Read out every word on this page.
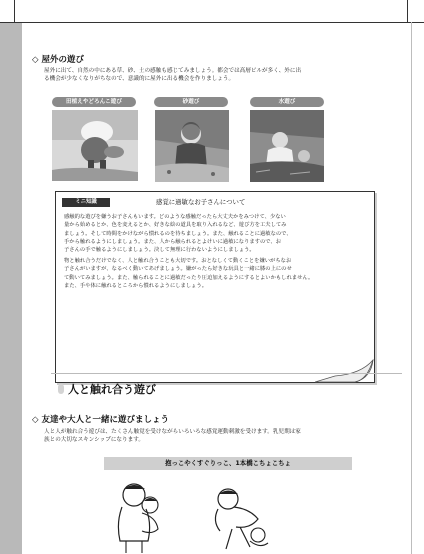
◇ 屋外の遊び
屋外に出て、自然の中にある草、砂、土の感触も感じてみましょう。都会では高層ビルが多く、外に出
る機会が少なくなりがちなので、意識的に屋外に出る機会を作りましょう。
田植えやどろんこ遊び	砂遊び	水遊び
ミニ知識	感覚に過敏なお子さんについて
感触的な遊びを嫌うお子さんもいます。どのような感触だったら大丈夫かをみつけて、少ない
量から始めるとか、色を変えるとか、好きな絵の道具を取り入れるなど、遊び方を工夫してみ
ましょう。そして時間をかけながら慣れるのを待ちましょう。また、触れることに過敏なので、
手から触れるようにしましょう。また、人から触られるとよけいに過敏になりますので、お
子さんの手で触るようにしましょう。決して無理に行わないようにしましょう。
物と触れ合うだけでなく、人と触れ合うことも大切です。おとなしくて動くことを嫌いがちなお
子さんがいますが、なるべく動いてあげましょう。嫌がったら好きな玩具と一緒に膝の上にのせ
て動いてみましょう。また、触られることに過敏だったり圧迫加えるようにするとよいかもしれません。
また、手や体に触れるところから慣れるようにしましょう。
人と触れ合う遊び
◇ 友達や大人と一緒に遊びましょう
人と人が触れ合う遊びは、たくさん触覚を受けながらいろいろな感覚運動刺激を受けます。乳児期は家
族との大切なスキンシップになります。
抱っこやくすぐりっこ、1本橋こちょこちょ
